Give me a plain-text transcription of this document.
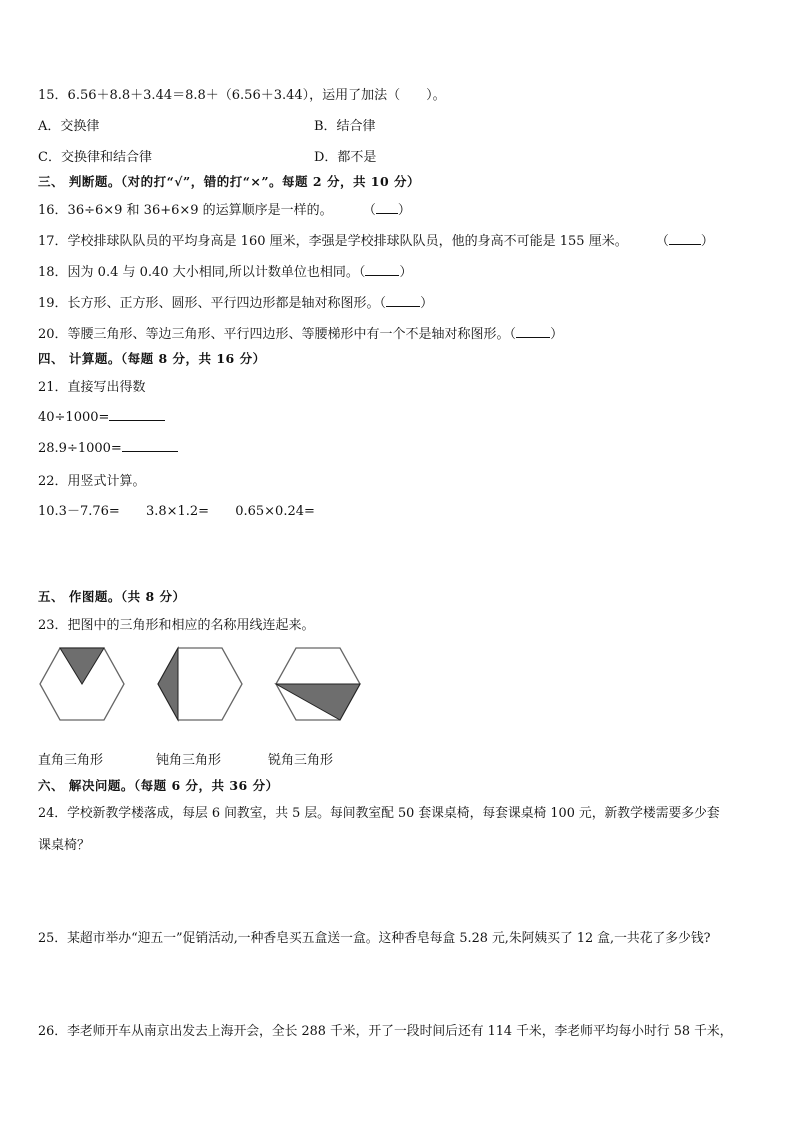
15．6.56＋8.8＋3.44＝8.8＋（6.56＋3.44），运用了加法（　　）。
A．交换律	B．结合律
C．交换律和结合律	D．都不是
三、 判断题。（对的打“√”，错的打“×”。每题 2 分，共 10 分）
16．36÷6×9 和 36+6×9 的运算顺序是一样的。 （ ）
17．学校排球队队员的平均身高是 160 厘米，李强是学校排球队队员，他的身高不可能是 155 厘米。 （ ）
18．因为 0.4 与 0.40 大小相同,所以计数单位也相同。（	）
19．长方形、正方形、圆形、平行四边形都是轴对称图形。（	）
20．等腰三角形、等边三角形、平行四边形、等腰梯形中有一个不是轴对称图形。（	）
四、 计算题。（每题 8 分，共 16 分）
21．直接写出得数
40÷1000=
28.9÷1000=
22．用竖式计算。
10.3－7.76= 3.8×1.2= 0.65×0.24=
五、 作图题。（共 8 分）
23．把图中的三角形和相应的名称用线连起来。
直角三角形	钝角三角形	锐角三角形
六、 解决问题。（每题 6 分，共 36 分）
24．学校新教学楼落成，每层 6 间教室，共 5 层。每间教室配 50 套课桌椅，每套课桌椅 100 元，新教学楼需要多少套
课桌椅？
25．某超市举办“迎五一”促销活动,一种香皂买五盒送一盒。这种香皂每盒 5.28 元,朱阿姨买了 12 盒,一共花了多少钱?
26．李老师开车从南京出发去上海开会，全长 288 千米，开了一段时间后还有 114 千米，李老师平均每小时行 58 千米，
